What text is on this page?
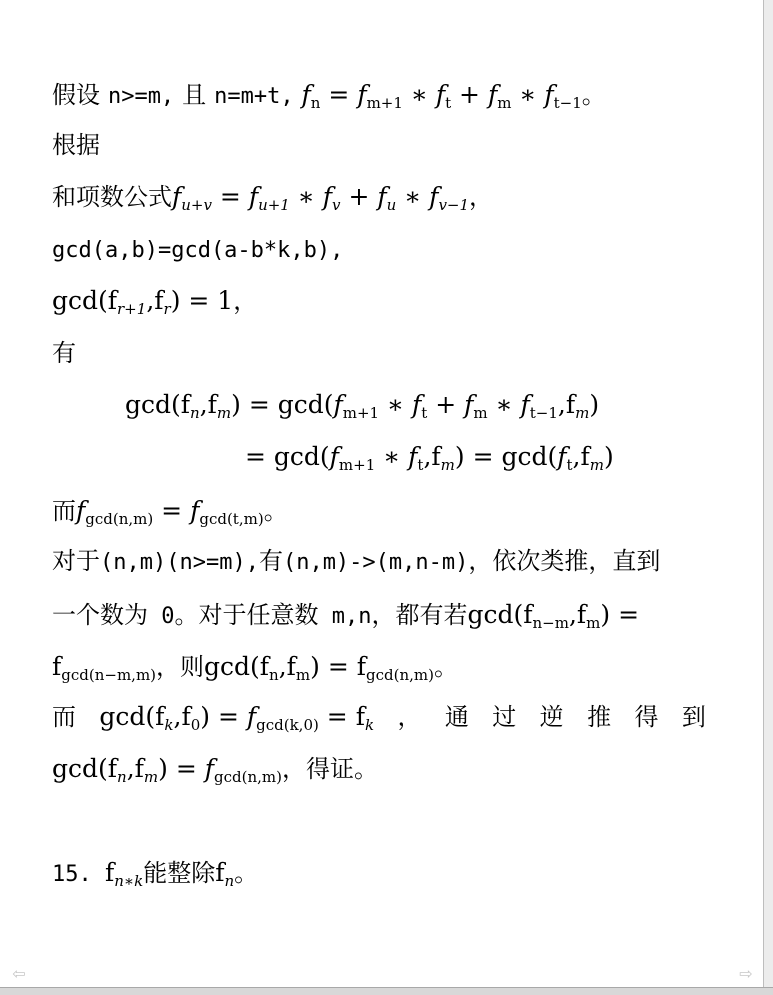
假设 n>=m, 且 n=m+t, $f_n = f_{m+1}$ ∗ $f_t + f_m$ ∗ $f_{t-1}$。
根据
和项数公式$f_{u+v} = f_{u+1}$ ∗ $f_v + f_u$ ∗ $f_{v-1}$，
gcd(a,b)=gcd(a-b*k,b),
$\gcd(f_{r+1},f_r) = 1$，
有
$\gcd(f_n,f_m) = \gcd(f_{m+1}$ ∗ $f_t + f_m$ ∗ $f_{t-1},f_m$)
= $\gcd(f_{m+1}$ ∗ $f_t,f_m) = \gcd(f_t,f_m)$
而$f_{gcd(n,m)} = f_{gcd(t,m)}$。
对于(n,m)(n>=m),有(n,m)->(m,n-m)，依次类推，直到
一个数为 0。对于任意数 m,n，都有若$\gcd(f_{n-m},f_m)$ =
$f_{gcd(n-m,m)}$，则$\gcd(f_n,f_m) = f_{gcd(n,m)}$。
而 $\gcd(f_k,f_0) = f_{gcd(k,0)} = f_k$ ， 通 过 逆 推 得 到
$\gcd(f_n,f_m) = f_{gcd(n,m)}$，得证。
15. $f_{n∗k}$能整除$f_n$。
⇦	⇨
